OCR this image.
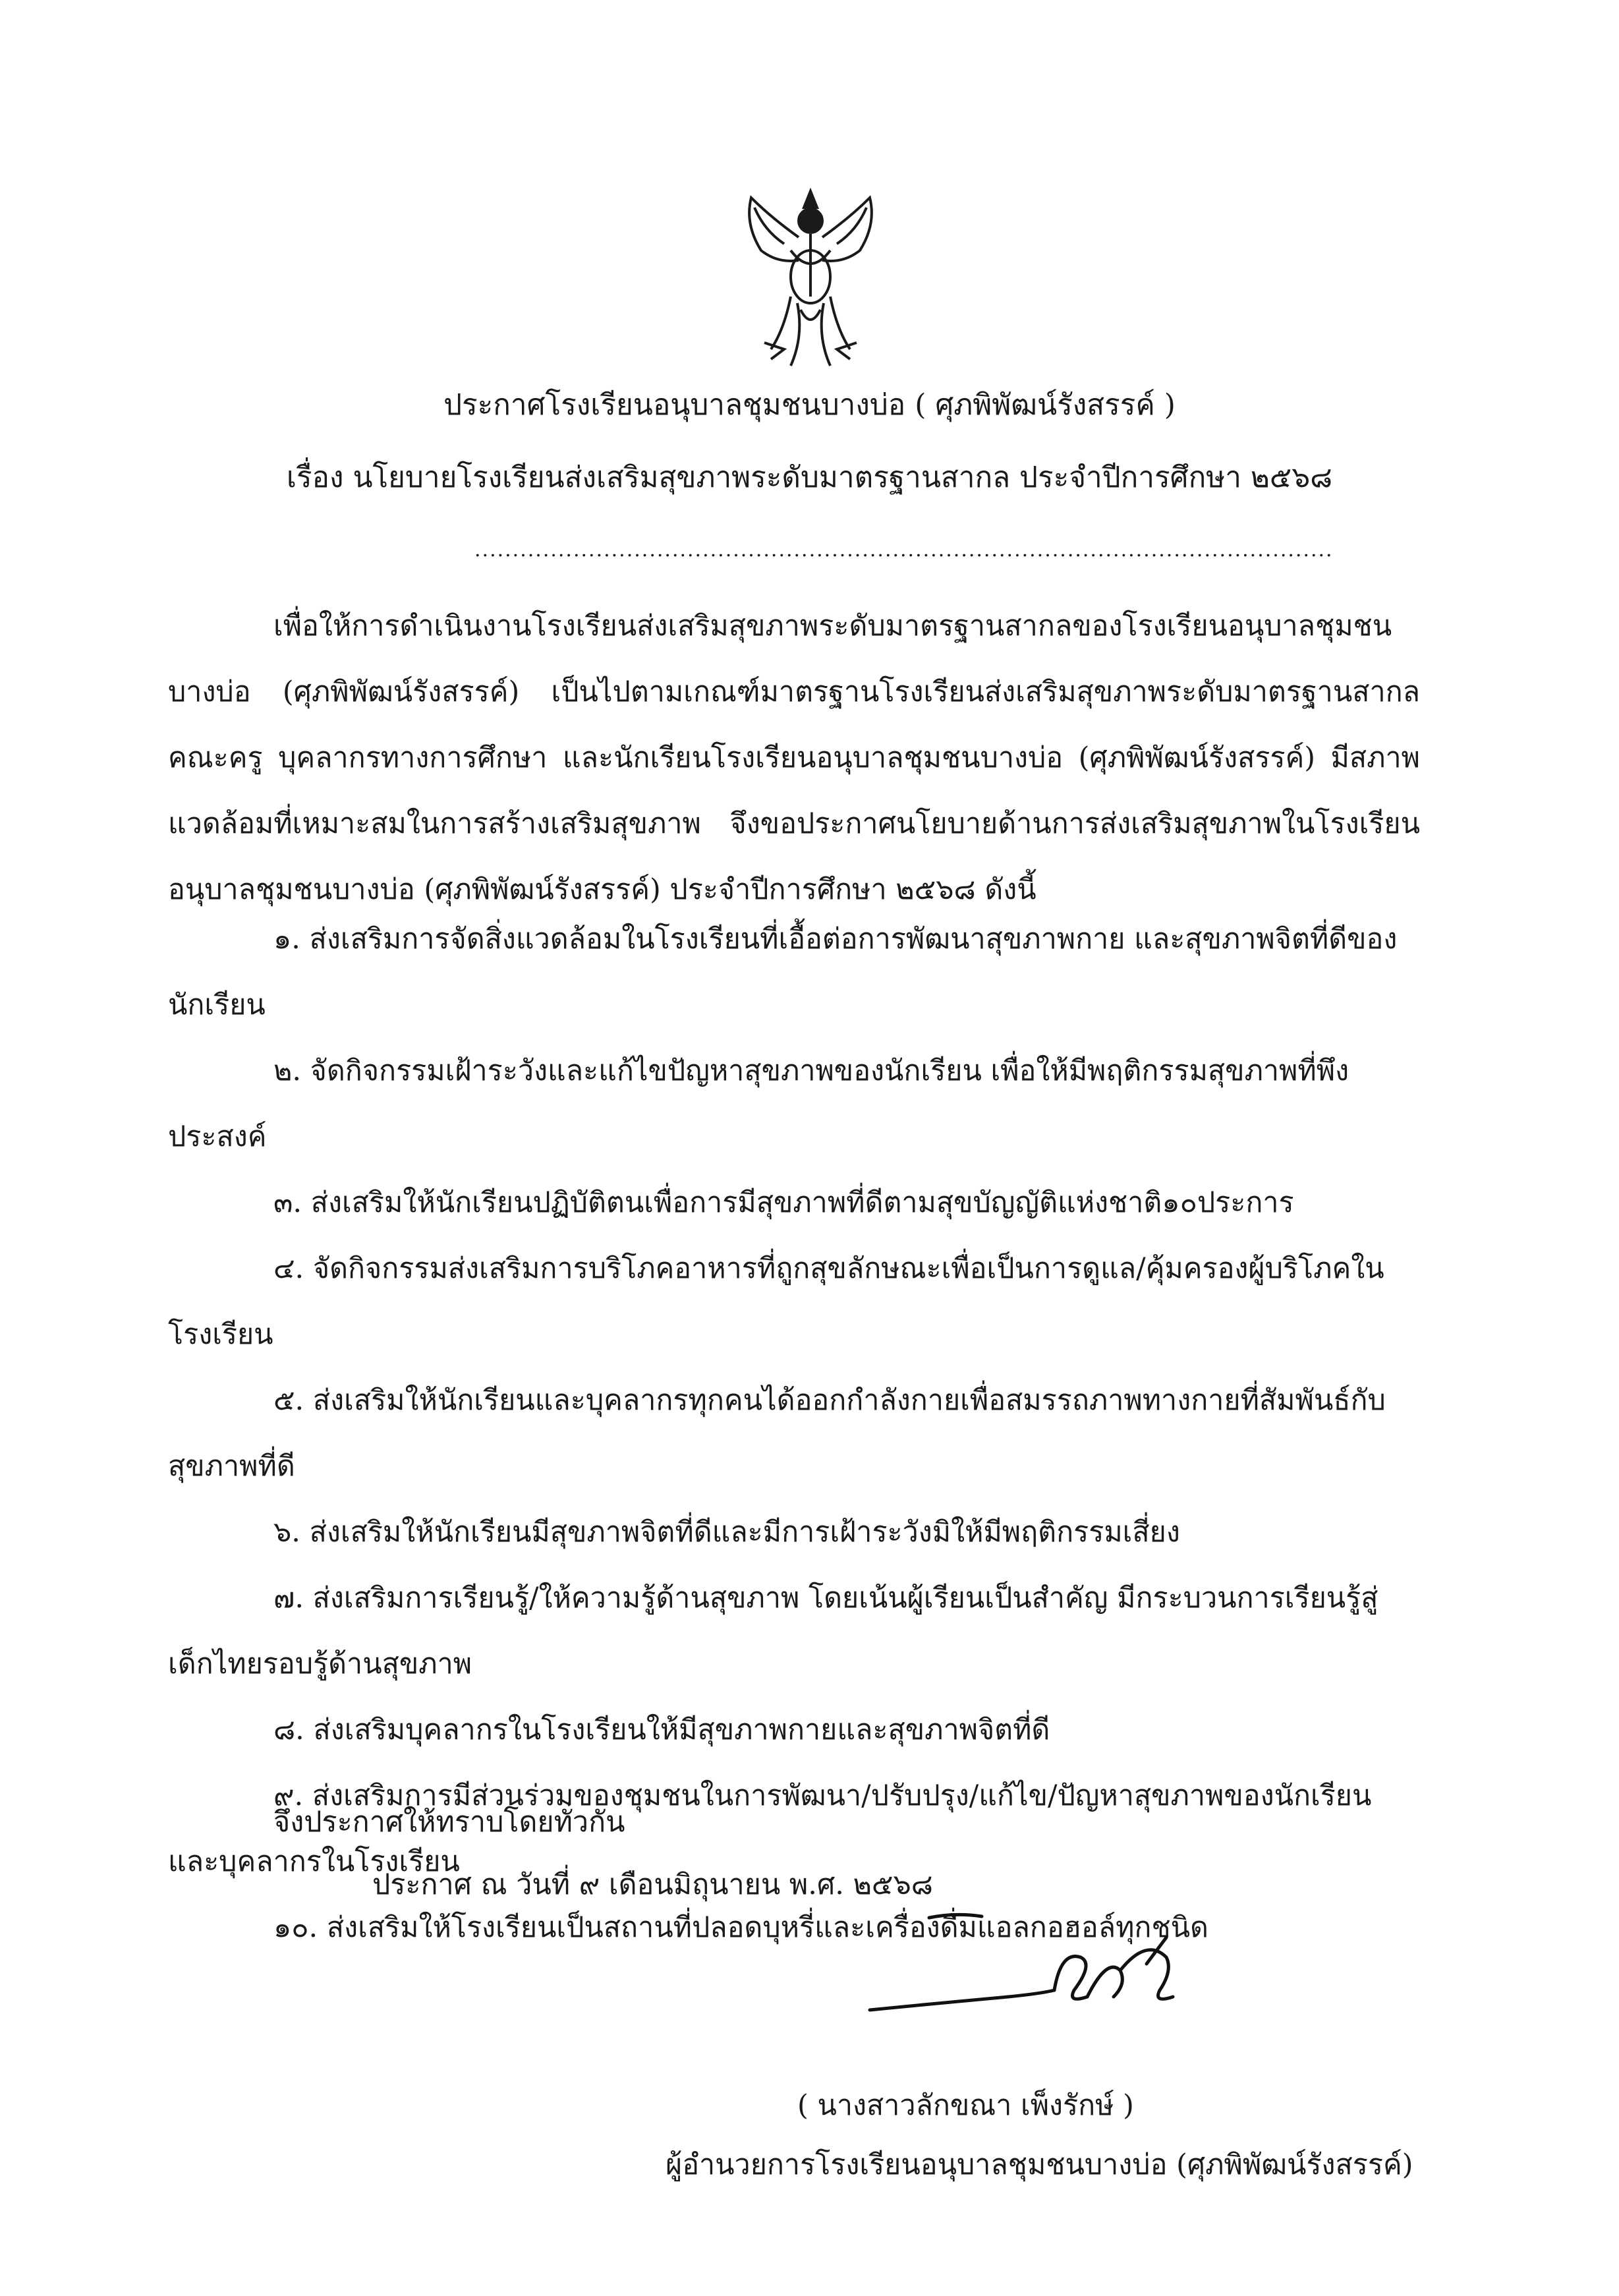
ประกาศโรงเรียนอนุบาลชุมชนบางบ่อ ( ศุภพิพัฒน์รังสรรค์ )
เรื่อง นโยบายโรงเรียนส่งเสริมสุขภาพระดับมาตรฐานสากล ประจำปีการศึกษา ๒๕๖๘
.................................................................................................................

เพื่อให้การดำเนินงานโรงเรียนส่งเสริมสุขภาพระดับมาตรฐานสากลของโรงเรียนอนุบาลชุมชนบางบ่อ (ศุภพิพัฒน์รังสรรค์) เป็นไปตามเกณฑ์มาตรฐานโรงเรียนส่งเสริมสุขภาพระดับมาตรฐานสากล คณะครู บุคลากรทางการศึกษา และนักเรียนโรงเรียนอนุบาลชุมชนบางบ่อ (ศุภพิพัฒน์รังสรรค์) มีสภาพแวดล้อมที่เหมาะสมในการสร้างเสริมสุขภาพ จึงขอประกาศนโยบายด้านการส่งเสริมสุขภาพในโรงเรียนอนุบาลชุมชนบางบ่อ (ศุภพิพัฒน์รังสรรค์) ประจำปีการศึกษา ๒๕๖๘ ดังนี้

๑. ส่งเสริมการจัดสิ่งแวดล้อมในโรงเรียนที่เอื้อต่อการพัฒนาสุขภาพกาย และสุขภาพจิตที่ดีของนักเรียน

๒. จัดกิจกรรมเฝ้าระวังและแก้ไขปัญหาสุขภาพของนักเรียน เพื่อให้มีพฤติกรรมสุขภาพที่พึงประสงค์

๓. ส่งเสริมให้นักเรียนปฏิบัติตนเพื่อการมีสุขภาพที่ดีตามสุขบัญญัติแห่งชาติ๑๐ประการ

๔. จัดกิจกรรมส่งเสริมการบริโภคอาหารที่ถูกสุขลักษณะเพื่อเป็นการดูแล/คุ้มครองผู้บริโภคในโรงเรียน

๕. ส่งเสริมให้นักเรียนและบุคลากรทุกคนได้ออกกำลังกายเพื่อสมรรถภาพทางกายที่สัมพันธ์กับสุขภาพที่ดี

๖. ส่งเสริมให้นักเรียนมีสุขภาพจิตที่ดีและมีการเฝ้าระวังมิให้มีพฤติกรรมเสี่ยง

๗. ส่งเสริมการเรียนรู้/ให้ความรู้ด้านสุขภาพ โดยเน้นผู้เรียนเป็นสำคัญ มีกระบวนการเรียนรู้สู่เด็กไทยรอบรู้ด้านสุขภาพ

๘. ส่งเสริมบุคลากรในโรงเรียนให้มีสุขภาพกายและสุขภาพจิตที่ดี

๙. ส่งเสริมการมีส่วนร่วมของชุมชนในการพัฒนา/ปรับปรุง/แก้ไข/ปัญหาสุขภาพของนักเรียนและบุคลากรในโรงเรียน

๑๐. ส่งเสริมให้โรงเรียนเป็นสถานที่ปลอดบุหรี่และเครื่องดื่มแอลกอฮอล์ทุกชนิด

จึงประกาศให้ทราบโดยทั่วกัน
ประกาศ ณ วันที่ ๙ เดือนมิถุนายน พ.ศ. ๒๕๖๘
( นางสาวลักขณา เพ็งรักษ์ )
ผู้อำนวยการโรงเรียนอนุบาลชุมชนบางบ่อ (ศุภพิพัฒน์รังสรรค์)
